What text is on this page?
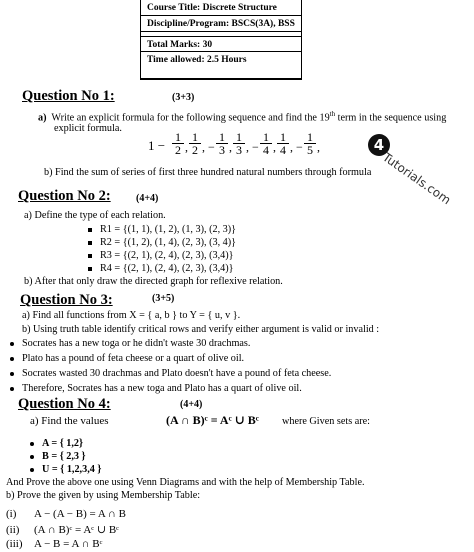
Course Title: Discrete Structure
Discipline/Program: BSCS(3A), BSS
Total Marks: 30
Time allowed: 2.5 Hours
Question No 1:	(3+3)
a) Write an explicit formula for the following sequence and find the 19th term in the sequence using
explicit formula.
$1 - \frac{1}{2}$ , $\frac{1}{2}$ , − $\frac{1}{3}$ , $\frac{1}{3}$ , − $\frac{1}{4}$ , $\frac{1}{4}$ , − $\frac{1}{5}$ ,	4
Tutorials.com
b) Find the sum of series of first three hundred natural numbers through formula
Question No 2:	(4+4)
a) Define the type of each relation.
R1 = {(1, 1), (1, 2), (1, 3), (2, 3)}
R2 = {(1, 2), (1, 4), (2, 3), (3, 4)}
R3 = {(2, 1), (2, 4), (2, 3), (3,4)}
R4 = {(2, 1), (2, 4), (2, 3), (3,4)}
b) After that only draw the directed graph for reflexive relation.
Question No 3:	(3+5)
a) Find all functions from X = { a, b } to Y = { u, v }.
b) Using truth table identify critical rows and verify either argument is valid or invalid :
Socrates has a new toga or he didn't waste 30 drachmas.
Plato has a pound of feta cheese or a quart of olive oil.
Socrates wasted 30 drachmas and Plato doesn't have a pound of feta cheese.
Therefore, Socrates has a new toga and Plato has a quart of olive oil.
Question No 4:	(4+4)
a) Find the values	(A ∩ B)ᶜ = Aᶜ ∪ Bᶜ where Given sets are:
A = { 1,2}
B = { 2,3 }
U = { 1,2,3,4 }
And Prove the above one using Venn Diagrams and with the help of Membership Table.
b) Prove the given by using Membership Table:
(i) A − (A − B) = A ∩ B
(ii) (A ∩ B)ᶜ = Aᶜ ∪ Bᶜ
(iii) A − B = A ∩ Bᶜ
